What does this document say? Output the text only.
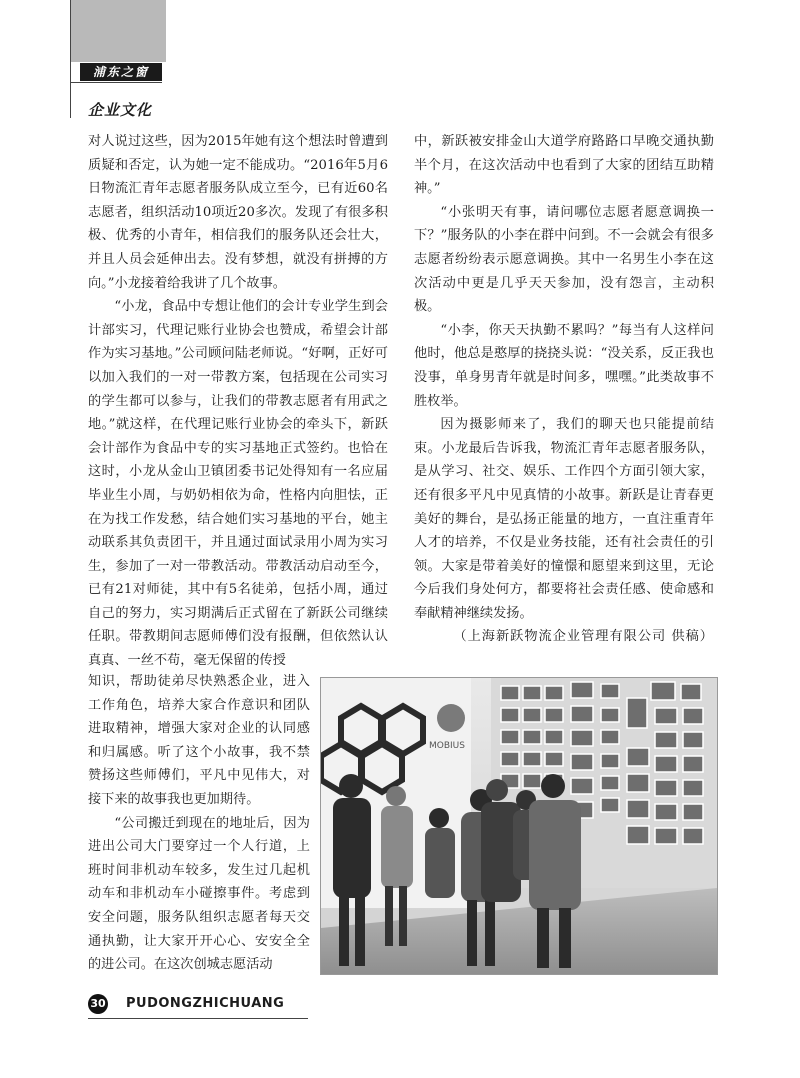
浦东之窗
企业文化

对人说过这些，因为2015年她有这个想法时曾遭到质疑和否定，认为她一定不能成功。“2016年5月6日物流汇青年志愿者服务队成立至今，已有近60名志愿者，组织活动10项近20多次。发现了有很多积极、优秀的小青年，相信我们的服务队还会壮大，并且人员会延伸出去。没有梦想，就没有拼搏的方向。”小龙接着给我讲了几个故事。

“小龙，食品中专想让他们的会计专业学生到会计部实习，代理记账行业协会也赞成，希望会计部作为实习基地。”公司顾问陆老师说。“好啊，正好可以加入我们的一对一带教方案，包括现在公司实习的学生都可以参与，让我们的带教志愿者有用武之地。”就这样，在代理记账行业协会的牵头下，新跃会计部作为食品中专的实习基地正式签约。也恰在这时，小龙从金山卫镇团委书记处得知有一名应届毕业生小周，与奶奶相依为命，性格内向胆怯，正在为找工作发愁，结合她们实习基地的平台，她主动联系其负责团干，并且通过面试录用小周为实习生，参加了一对一带教活动。带教活动启动至今，已有21对师徒，其中有5名徒弟，包括小周，通过自己的努力，实习期满后正式留在了新跃公司继续任职。带教期间志愿师傅们没有报酬，但依然认认真真、一丝不苟，毫无保留的传授

知识，帮助徒弟尽快熟悉企业，进入工作角色，培养大家合作意识和团队进取精神，增强大家对企业的认同感和归属感。听了这个小故事，我不禁赞扬这些师傅们，平凡中见伟大，对接下来的故事我也更加期待。

“公司搬迁到现在的地址后，因为进出公司大门要穿过一个人行道，上班时间非机动车较多，发生过几起机动车和非机动车小碰擦事件。考虑到安全问题，服务队组织志愿者每天交通执勤，让大家开开心心、安安全全的进公司。在这次创城志愿活动

中，新跃被安排金山大道学府路路口早晚交通执勤半个月，在这次活动中也看到了大家的团结互助精神。”

“小张明天有事，请问哪位志愿者愿意调换一下？”服务队的小李在群中问到。不一会就会有很多志愿者纷纷表示愿意调换。其中一名男生小李在这次活动中更是几乎天天参加，没有怨言，主动积极。

“小李，你天天执勤不累吗？”每当有人这样问他时，他总是憨厚的挠挠头说：“没关系，反正我也没事，单身男青年就是时间多，嘿嘿。”此类故事不胜枚举。

因为摄影师来了，我们的聊天也只能提前结束。小龙最后告诉我，物流汇青年志愿者服务队，是从学习、社交、娱乐、工作四个方面引领大家，还有很多平凡中见真情的小故事。新跃是让青春更美好的舞台，是弘扬正能量的地方，一直注重青年人才的培养，不仅是业务技能，还有社会责任的引领。大家是带着美好的憧憬和愿望来到这里，无论今后我们身处何方，都要将社会责任感、使命感和奉献精神继续发扬。

（上海新跃物流企业管理有限公司 供稿）

MOBIUS
30 PUDONGZHICHUANG
